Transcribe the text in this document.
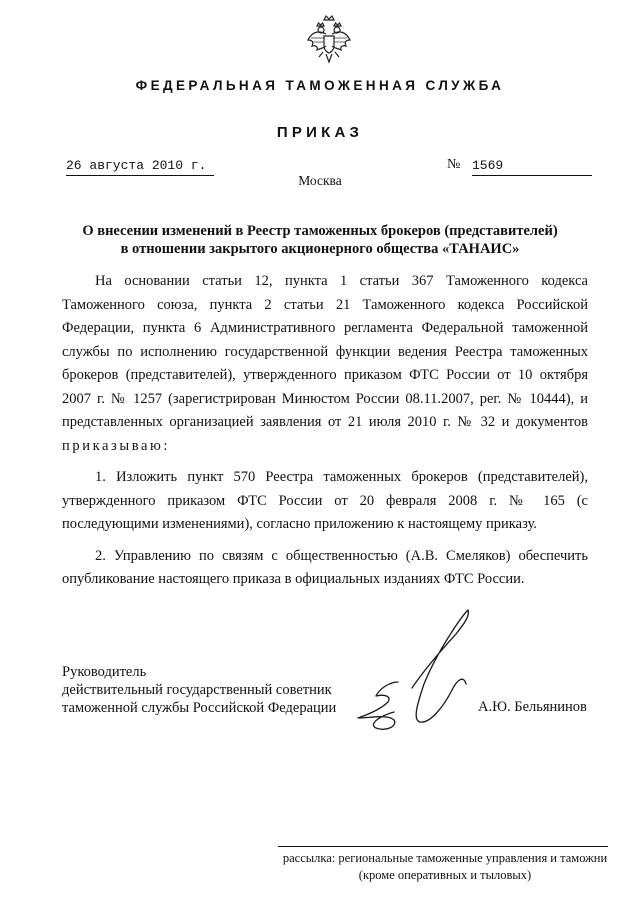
ФЕДЕРАЛЬНАЯ ТАМОЖЕННАЯ СЛУЖБА
ПРИКАЗ
26 августа 2010 г.	№ 1569
Москва
О внесении изменений в Реестр таможенных брокеров (представителей)
в отношении закрытого акционерного общества «ТАНАИС»

На основании статьи 12, пункта 1 статьи 367 Таможенного кодекса Таможенного союза, пункта 2 статьи 21 Таможенного кодекса Российской Федерации, пункта 6 Административного регламента Федеральной таможенной службы по исполнению государственной функции ведения Реестра таможенных брокеров (представителей), утвержденного приказом ФТС России от 10 октября 2007 г. № 1257 (зарегистрирован Минюстом России 08.11.2007, рег. № 10444), и представленных организацией заявления от 21 июля 2010 г. № 32 и документов приказываю:

1. Изложить пункт 570 Реестра таможенных брокеров (представителей), утвержденного приказом ФТС России от 20 февраля 2008 г. № 165 (с последующими изменениями), согласно приложению к настоящему приказу.

2. Управлению по связям с общественностью (А.В. Смеляков) обеспечить опубликование настоящего приказа в официальных изданиях ФТС России.

Руководитель
действительный государственный советник
таможенной службы Российской Федерации	А.Ю. Бельянинов
рассылка: региональные таможенные управления и таможни
(кроме оперативных и тыловых)
